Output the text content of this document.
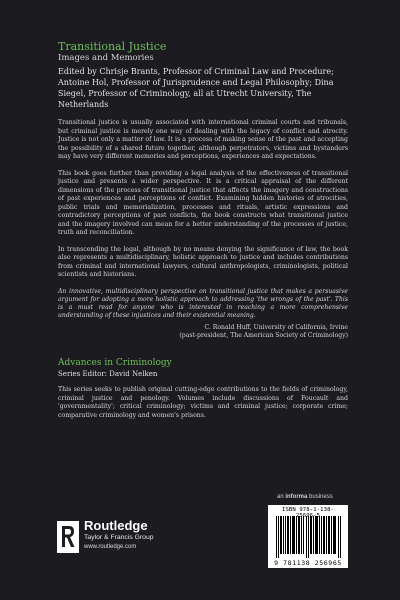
Transitional Justice

Images and Memories

Edited by Chrisje Brants, Professor of Criminal Law and Procedure; Antoine Hol, Professor of Jurisprudence and Legal Philosophy; Dina Siegel, Professor of Criminology, all at Utrecht University, The Netherlands

Transitional justice is usually associated with international criminal courts and tribunals, but criminal justice is merely one way of dealing with the legacy of conflict and atrocity. Justice is not only a matter of law. It is a process of making sense of the past and accepting the possibility of a shared future together, although perpetrators, victims and bystanders may have very different memories and perceptions, experiences and expectations.

This book goes further than providing a legal analysis of the effectiveness of transitional justice and presents a wider perspective. It is a critical appraisal of the different dimensions of the process of transitional justice that affects the imagery and constructions of past experiences and perceptions of conflict. Examining hidden histories of atrocities, public trials and memorialization, processes and rituals, artistic expressions and contradictory perceptions of past conflicts, the book constructs what transitional justice and the imagery involved can mean for a better understanding of the processes of justice, truth and reconciliation.

In transcending the legal, although by no means denying the significance of law, the book also represents a multidisciplinary, holistic approach to justice and includes contributions from criminal and international lawyers, cultural anthropologists, criminologists, political scientists and historians.

An innovative, multidisciplinary perspective on transitional justice that makes a persuasive argument for adopting a more holistic approach to addressing 'the wrongs of the past'. This is a must read for anyone who is interested in reaching a more comprehensive understanding of these injustices and their existential meaning.

C. Ronald Huff, University of California, Irvine

(past-president, The American Society of Criminology)

Advances in Criminology

Series Editor: David Nelken

This series seeks to publish original cutting-edge contributions to the fields of criminology, criminal justice and penology. Volumes include discussions of Foucault and 'governmentality'; critical criminology; victims and criminal justice; corporate crime; comparative criminology and women's prisons.

an informa business
ISBN 978-1-138-2 696-5
9 781138 256965
Routledge
Taylor & Francis Group
www.routledge.com
